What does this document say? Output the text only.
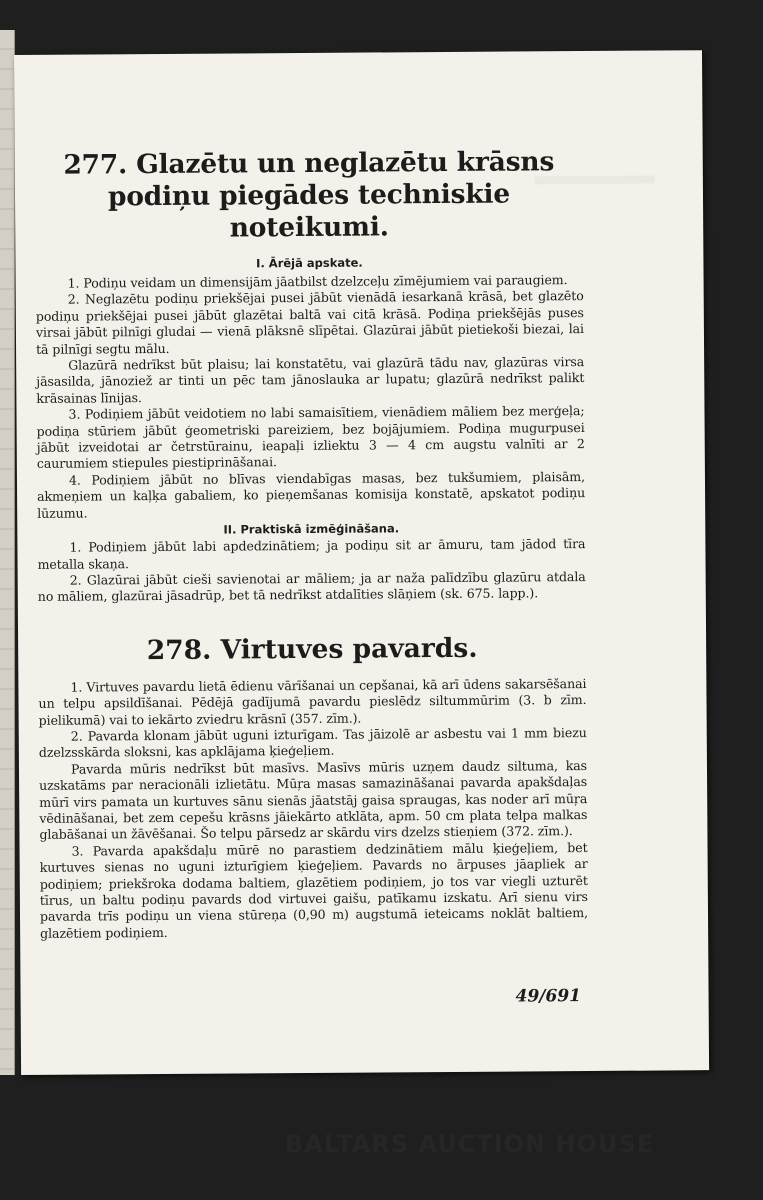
277. Glazētu un neglazētu krāsns
podiņu piegādes techniskie noteikumi.
I. Ārējā apskate.

1. Podiņu veidam un dimensijām jāatbilst dzelzceļu zīmējumiem vai paraugiem.

2. Neglazētu podiņu priekšējai pusei jābūt vienādā iesarkanā krāsā, bet glazēto podiņu priekšējai pusei jābūt glazētai baltā vai citā krāsā. Podiņa priekšējās puses virsai jābūt pilnīgi gludai — vienā plāksnē slīpētai. Glazūrai jābūt pietiekoši biezai, lai tā pilnīgi segtu mālu.

Glazūrā nedrīkst būt plaisu; lai konstatētu, vai glazūrā tādu nav, glazūras virsa jāsasilda, jānoziež ar tinti un pēc tam jānoslauka ar lupatu; glazūrā nedrīkst palikt krāsainas līnijas.

3. Podiņiem jābūt veidotiem no labi samaisītiem, vienādiem māliem bez merģeļa; podiņa stūriem jābūt ģeometriski pareiziem, bez bojājumiem. Podiņa mugurpusei jābūt izveidotai ar četrstūrainu, ieapaļi izliektu 3 — 4 cm augstu valnīti ar 2 caurumiem stiepules piestiprināšanai.

4. Podiņiem jābūt no blīvas viendabīgas masas, bez tukšumiem, plaisām, akmeņiem un kaļķa gabaliem, ko pieņemšanas komisija konstatē, apskatot podiņu lūzumu.

II. Praktiskā izmēģināšana.

1. Podiņiem jābūt labi apdedzinātiem; ja podiņu sit ar āmuru, tam jādod tīra metalla skaņa.

2. Glazūrai jābūt cieši savienotai ar māliem; ja ar naža palīdzību glazūru atdala no māliem, glazūrai jāsadrūp, bet tā nedrīkst atdalīties slāņiem (sk. 675. lapp.).

278. Virtuves pavards.

1. Virtuves pavardu lietā ēdienu vārīšanai un cepšanai, kā arī ūdens sakarsēšanai un telpu apsildīšanai. Pēdējā gadījumā pavardu pieslēdz siltummūrim (3. b zīm. pielikumā) vai to iekārto zviedru krāsnī (357. zīm.).

2. Pavarda klonam jābūt uguni izturīgam. Tas jāizolē ar asbestu vai 1 mm biezu dzelzsskārda sloksni, kas apklājama ķieģeļiem.

Pavarda mūris nedrīkst būt masīvs. Masīvs mūris uzņem daudz siltuma, kas uzskatāms par neracionāli izlietātu. Mūŗa masas samazināšanai pavarda apakšdaļas mūrī virs pamata un kurtuves sānu sienās jāatstāj gaisa spraugas, kas noder arī mūŗa vēdināšanai, bet zem cepešu krāsns jāiekārto atklāta, apm. 50 cm plata telpa malkas glabāšanai un žāvēšanai. Šo telpu pārsedz ar skārdu virs dzelzs stieņiem (372. zīm.).

3. Pavarda apakšdaļu mūrē no parastiem dedzinātiem mālu ķieģeļiem, bet kurtuves sienas no uguni izturīgiem ķieģeļiem. Pavards no ārpuses jāapliek ar podiņiem; priekšroka dodama baltiem, glazētiem podiņiem, jo tos var viegli uzturēt tīrus, un baltu podiņu pavards dod virtuvei gaišu, patīkamu izskatu. Arī sienu virs pavarda trīs podiņu un viena stūreņa (0,90 m) augstumā ieteicams noklāt baltiem, glazētiem podiņiem.

49/691
BALTARS AUCTION HOUSE
